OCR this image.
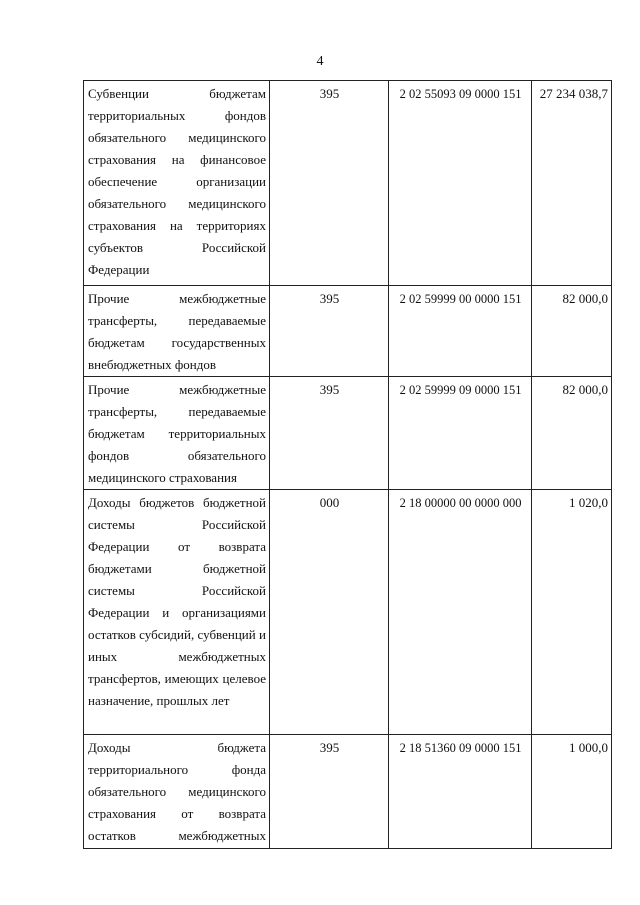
4
Субвенции бюджетам территориальных фондов обязательного медицинского страхования на финансовое обеспечение организации обязательного медицинского страхования на территориях субъектов Российской Федерации	395	2 02 55093 09 0000 151	27 234 038,7
Прочие межбюджетные трансферты, передаваемые бюджетам государственных внебюджетных фондов	395	2 02 59999 00 0000 151	82 000,0
Прочие межбюджетные трансферты, передаваемые бюджетам территориальных фондов обязательного медицинского страхования	395	2 02 59999 09 0000 151	82 000,0
Доходы бюджетов бюджетной системы Российской Федерации от возврата бюджетами бюджетной системы Российской Федерации и организациями остатков субсидий, субвенций и иных межбюджетных трансфертов, имеющих целевое назначение, прошлых лет	000	2 18 00000 00 0000 000	1 020,0
Доходы бюджета территориального фонда обязательного медицинского страхования от возврата остатков межбюджетных	395	2 18 51360 09 0000 151	1 000,0
